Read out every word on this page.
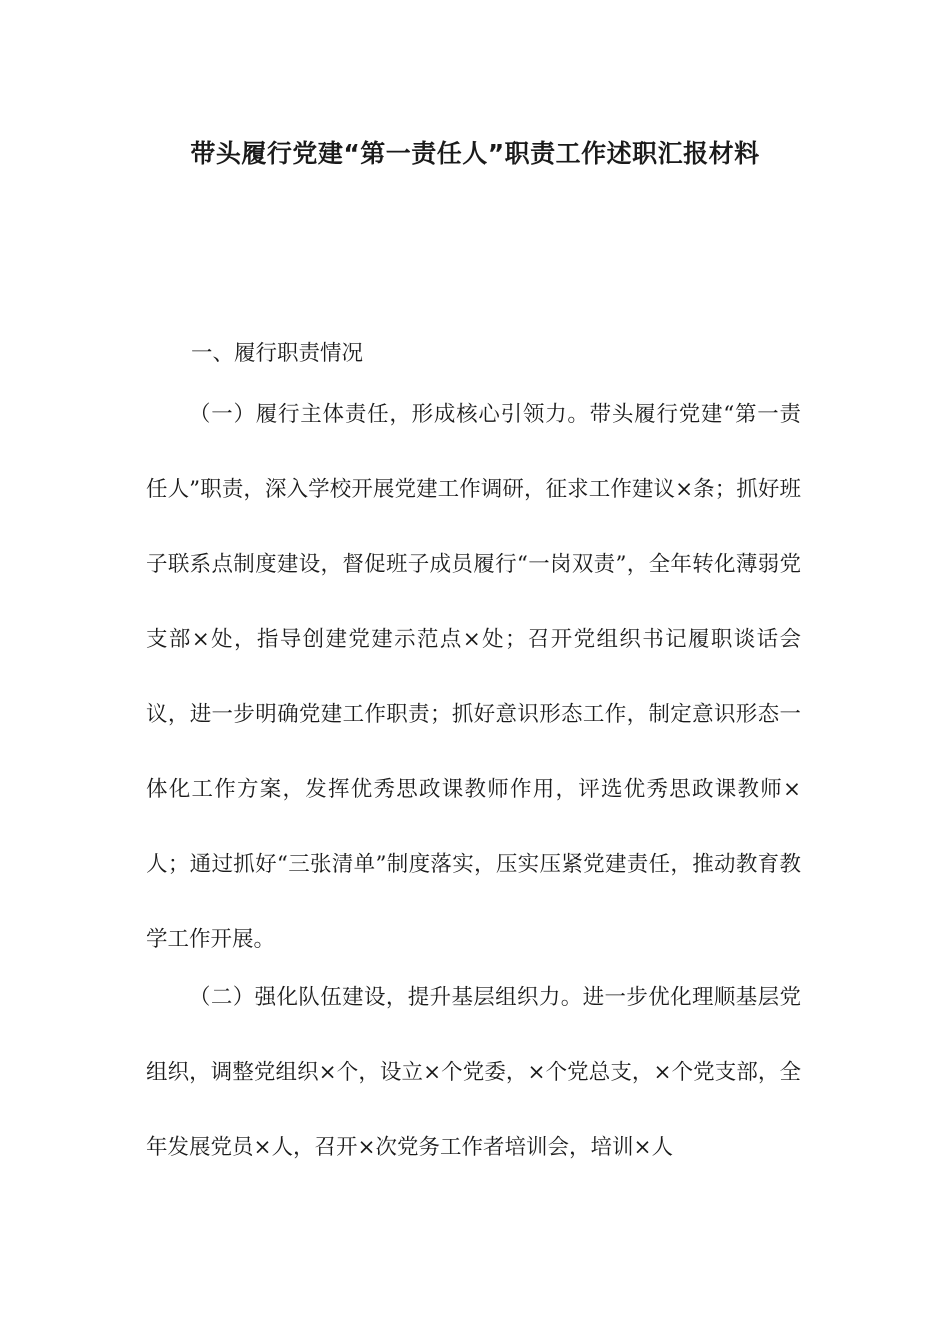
带头履行党建“第一责任人”职责工作述职汇报材料

一、履行职责情况

（一）履行主体责任，形成核心引领力。带头履行党建“第一责任人”职责，深入学校开展党建工作调研，征求工作建议×条；抓好班子联系点制度建设，督促班子成员履行“一岗双责”，全年转化薄弱党支部×处，指导创建党建示范点×处；召开党组织书记履职谈话会议，进一步明确党建工作职责；抓好意识形态工作，制定意识形态一体化工作方案，发挥优秀思政课教师作用，评选优秀思政课教师×人；通过抓好“三张清单”制度落实，压实压紧党建责任，推动教育教学工作开展。

（二）强化队伍建设，提升基层组织力。进一步优化理顺基层党组织，调整党组织×个，设立×个党委，×个党总支，×个党支部，全年发展党员×人，召开×次党务工作者培训会，培训×人
